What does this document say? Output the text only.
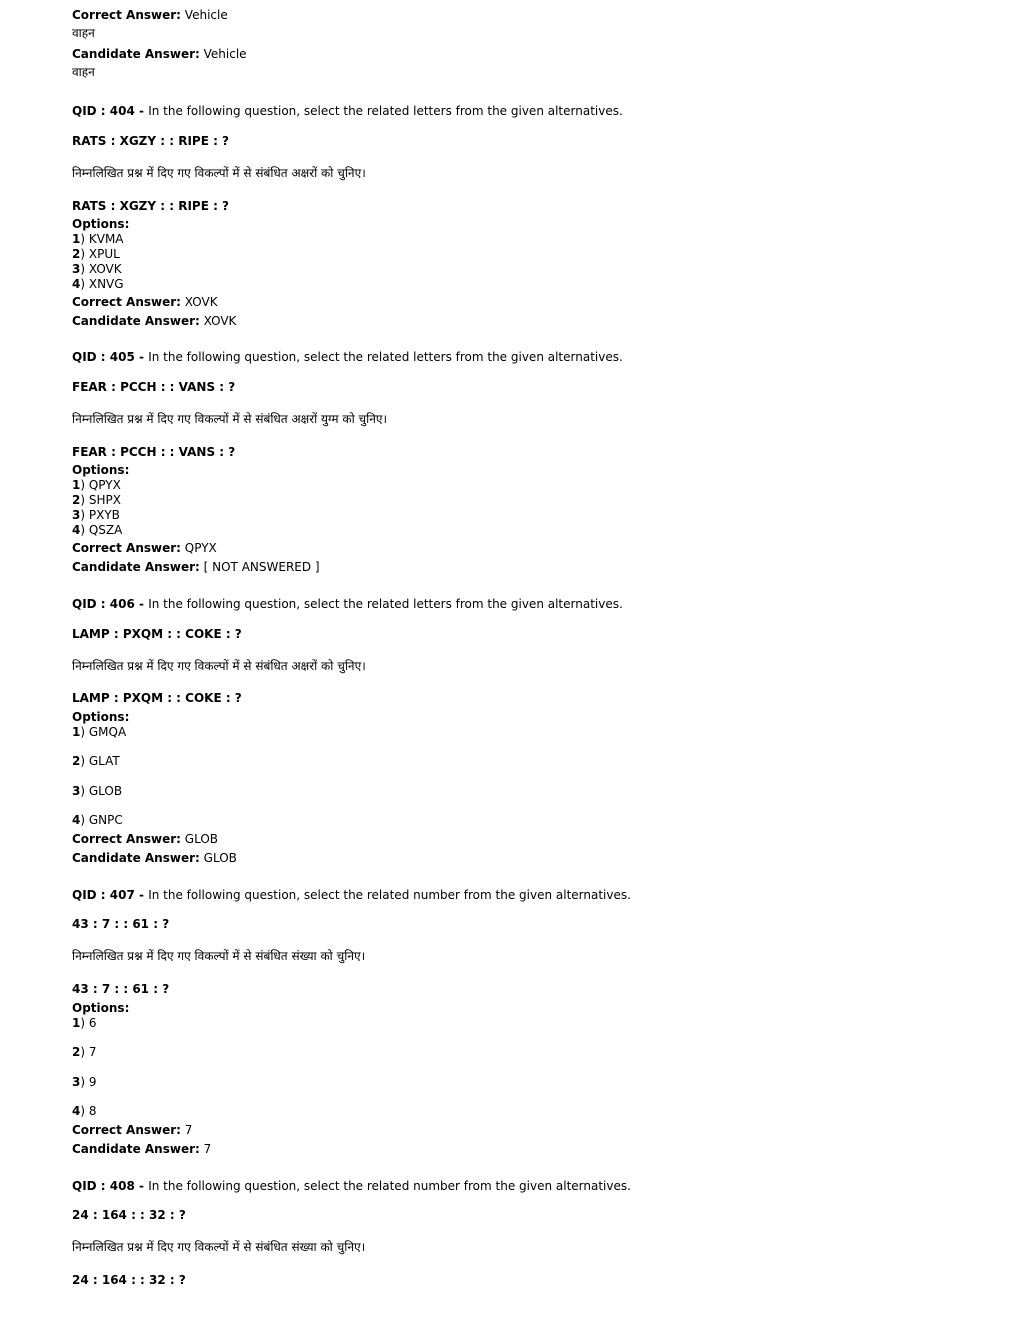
Correct Answer: Vehicle
वाहन
Candidate Answer: Vehicle
वाहन
QID : 404 - In the following question, select the related letters from the given alternatives.
RATS : XGZY : : RIPE : ?
निम्नलिखित प्रश्न में दिए गए विकल्पों में से संबंधित अक्षरों को चुनिए।
RATS : XGZY : : RIPE : ?
Options:
1) KVMA
2) XPUL
3) XOVK
4) XNVG
Correct Answer: XOVK
Candidate Answer: XOVK
QID : 405 - In the following question, select the related letters from the given alternatives.
FEAR : PCCH : : VANS : ?
निम्नलिखित प्रश्न में दिए गए विकल्पों में से संबंधित अक्षरों युग्म को चुनिए।
FEAR : PCCH : : VANS : ?
Options:
1) QPYX
2) SHPX
3) PXYB
4) QSZA
Correct Answer: QPYX
Candidate Answer: [ NOT ANSWERED ]
QID : 406 - In the following question, select the related letters from the given alternatives.
LAMP : PXQM : : COKE : ?
निम्नलिखित प्रश्न में दिए गए विकल्पों में से संबंधित अक्षरों को चुनिए।
LAMP : PXQM : : COKE : ?
Options:
1) GMQA
2) GLAT
3) GLOB
4) GNPC
Correct Answer: GLOB
Candidate Answer: GLOB
QID : 407 - In the following question, select the related number from the given alternatives.
43 : 7 : : 61 : ?
निम्नलिखित प्रश्न में दिए गए विकल्पों में से संबंधित संख्या को चुनिए।
43 : 7 : : 61 : ?
Options:
1) 6
2) 7
3) 9
4) 8
Correct Answer: 7
Candidate Answer: 7
QID : 408 - In the following question, select the related number from the given alternatives.
24 : 164 : : 32 : ?
निम्नलिखित प्रश्न में दिए गए विकल्पों में से संबंधित संख्या को चुनिए।
24 : 164 : : 32 : ?
